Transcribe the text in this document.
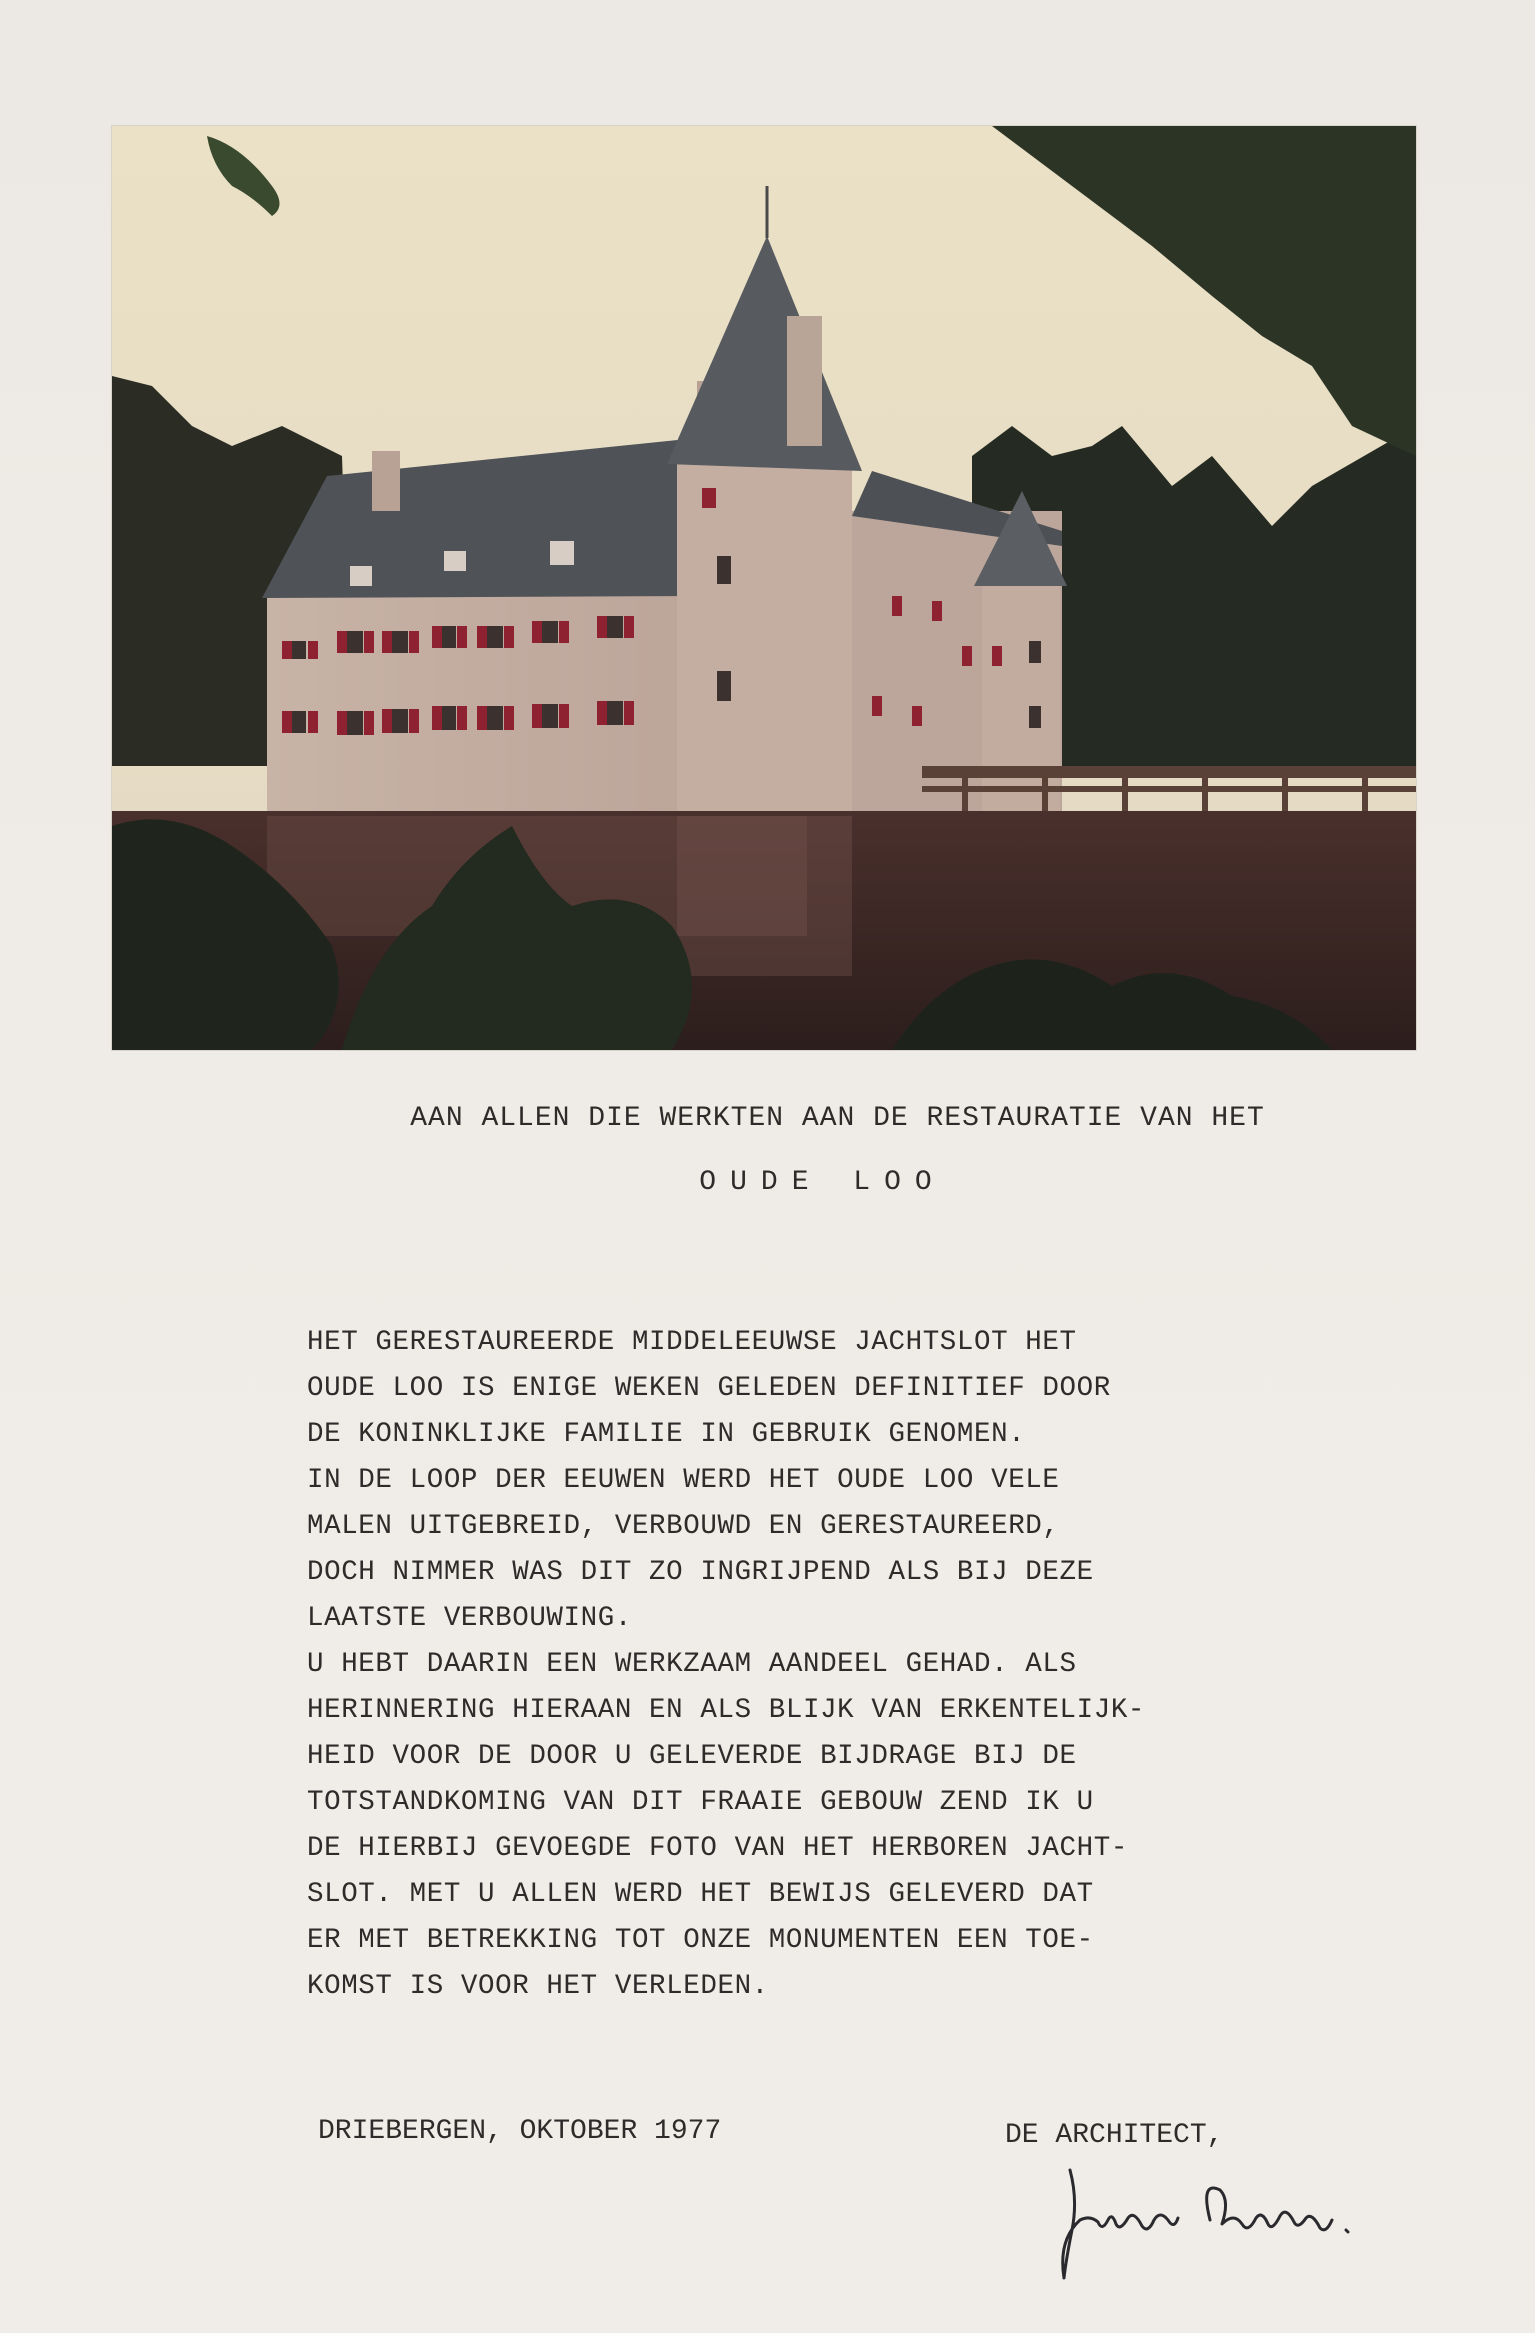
AAN ALLEN DIE WERKTEN AAN DE RESTAURATIE VAN HET
OUDE LOO
HET GERESTAUREERDE MIDDELEEUWSE JACHTSLOT HET
OUDE LOO IS ENIGE WEKEN GELEDEN DEFINITIEF DOOR
DE KONINKLIJKE FAMILIE IN GEBRUIK GENOMEN.
IN DE LOOP DER EEUWEN WERD HET OUDE LOO VELE
MALEN UITGEBREID, VERBOUWD EN GERESTAUREERD,
DOCH NIMMER WAS DIT ZO INGRIJPEND ALS BIJ DEZE
LAATSTE VERBOUWING.
U HEBT DAARIN EEN WERKZAAM AANDEEL GEHAD. ALS
HERINNERING HIERAAN EN ALS BLIJK VAN ERKENTELIJK-
HEID VOOR DE DOOR U GELEVERDE BIJDRAGE BIJ DE
TOTSTANDKOMING VAN DIT FRAAIE GEBOUW ZEND IK U
DE HIERBIJ GEVOEGDE FOTO VAN HET HERBOREN JACHT-
SLOT. MET U ALLEN WERD HET BEWIJS GELEVERD DAT
ER MET BETREKKING TOT ONZE MONUMENTEN EEN TOE-
KOMST IS VOOR HET VERLEDEN.
DRIEBERGEN, OKTOBER 1977	DE ARCHITECT,
